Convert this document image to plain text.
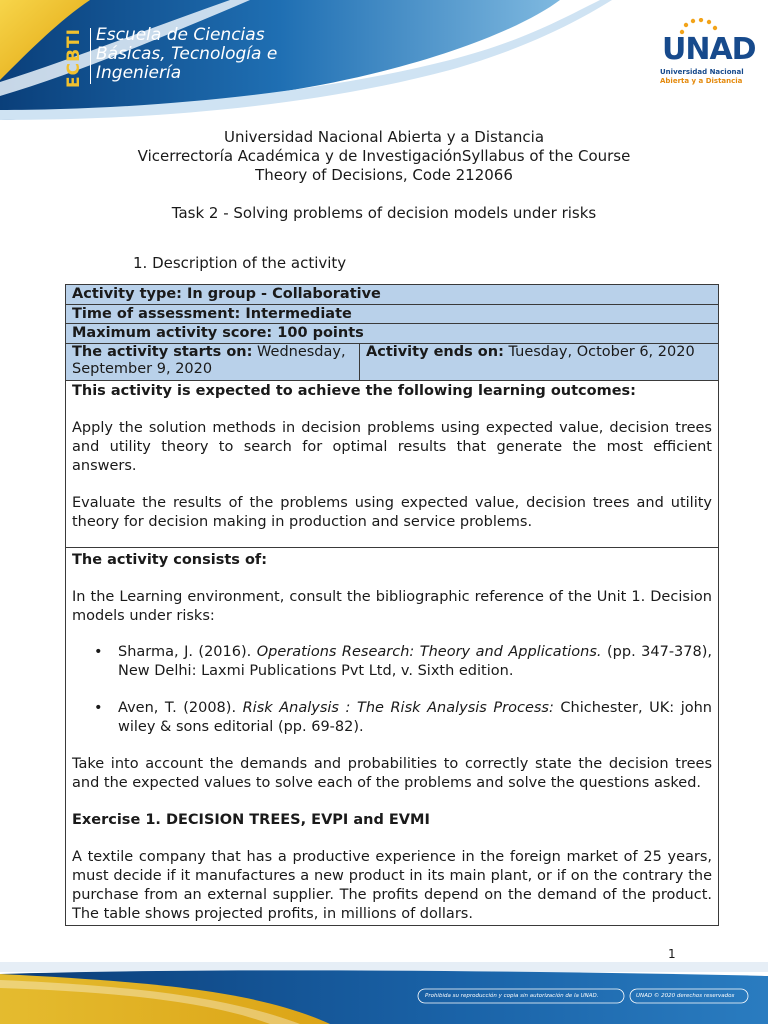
ECBTI Escuela de Ciencias
Básicas, Tecnología e
Ingeniería
UNAD
Universidad Nacional
Abierta y a Distancia
Universidad Nacional Abierta y a Distancia
Vicerrectoría Académica y de InvestigaciónSyllabus of the Course
Theory of Decisions, Code 212066
Task 2 - Solving problems of decision models under risks
1. Description of the activity
Activity type: In group - Collaborative
Time of assessment: Intermediate
Maximum activity score: 100 points
The activity starts on: Wednesday, September 9, 2020
Activity ends on: Tuesday, October 6, 2020
This activity is expected to achieve the following learning outcomes:

Apply the solution methods in decision problems using expected value, decision trees and utility theory to search for optimal results that generate the most efficient answers.

Evaluate the results of the problems using expected value, decision trees and utility theory for decision making in production and service problems.

The activity consists of:

In the Learning environment, consult the bibliographic reference of the Unit 1. Decision models under risks:

• Sharma, J. (2016). Operations Research: Theory and Applications. (pp. 347-378), New Delhi: Laxmi Publications Pvt Ltd, v. Sixth edition.
• Aven, T. (2008). Risk Analysis : The Risk Analysis Process: Chichester, UK: john wiley & sons editorial (pp. 69-82).

Take into account the demands and probabilities to correctly state the decision trees and the expected values to solve each of the problems and solve the questions asked.

Exercise 1. DECISION TREES, EVPI and EVMI

A textile company that has a productive experience in the foreign market of 25 years, must decide if it manufactures a new product in its main plant, or if on the contrary the purchase from an external supplier. The profits depend on the demand of the product. The table shows projected profits, in millions of dollars.

1
Prohibida su reproducción y copia sin autorización de la UNAD.	UNAD © 2020 derechos reservados
